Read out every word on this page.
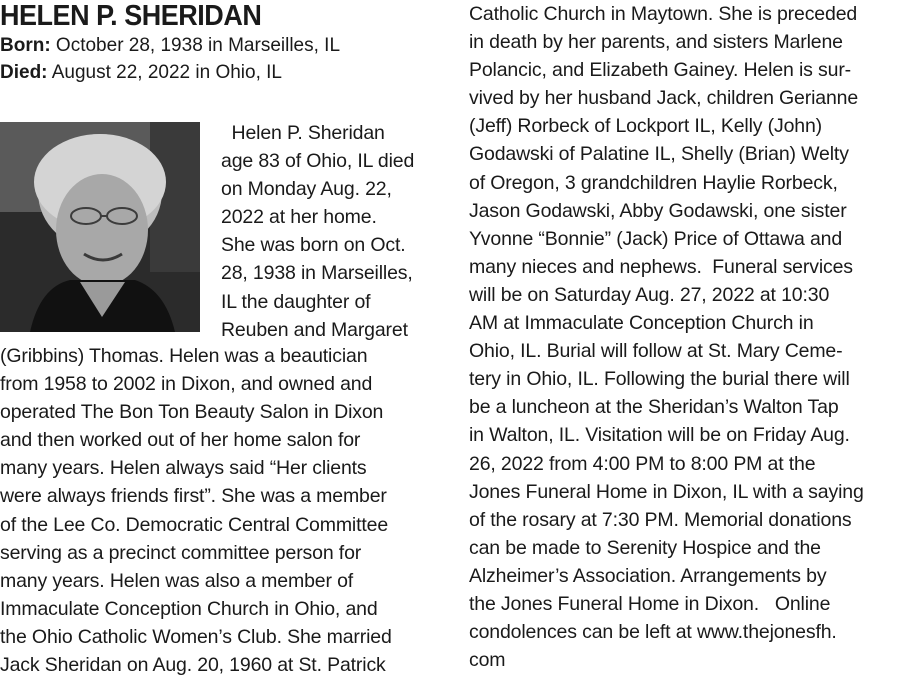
HELEN P. SHERIDAN

Born: October 28, 1938 in Marseilles, IL

Died: August 22, 2022 in Ohio, IL

Helen P. Sheridan
age 83 of Ohio, IL died
on Monday Aug. 22,
2022 at her home.
She was born on Oct.
28, 1938 in Marseilles,
IL the daughter of
Reuben and Margaret
(Gribbins) Thomas. Helen was a beautician
from 1958 to 2002 in Dixon, and owned and
operated The Bon Ton Beauty Salon in Dixon
and then worked out of her home salon for
many years. Helen always said “Her clients
were always friends first”. She was a member
of the Lee Co. Democratic Central Committee
serving as a precinct committee person for
many years. Helen was also a member of
Immaculate Conception Church in Ohio, and
the Ohio Catholic Women’s Club. She married
Jack Sheridan on Aug. 20, 1960 at St. Patrick
Catholic Church in Maytown. She is preceded
in death by her parents, and sisters Marlene
Polancic, and Elizabeth Gainey. Helen is sur-
vived by her husband Jack, children Gerianne
(Jeff) Rorbeck of Lockport IL, Kelly (John)
Godawski of Palatine IL, Shelly (Brian) Welty
of Oregon, 3 grandchildren Haylie Rorbeck,
Jason Godawski, Abby Godawski, one sister
Yvonne “Bonnie” (Jack) Price of Ottawa and
many nieces and nephews.  Funeral services
will be on Saturday Aug. 27, 2022 at 10:30
AM at Immaculate Conception Church in
Ohio, IL. Burial will follow at St. Mary Ceme-
tery in Ohio, IL. Following the burial there will
be a luncheon at the Sheridan’s Walton Tap
in Walton, IL. Visitation will be on Friday Aug.
26, 2022 from 4:00 PM to 8:00 PM at the
Jones Funeral Home in Dixon, IL with a saying
of the rosary at 7:30 PM. Memorial donations
can be made to Serenity Hospice and the
Alzheimer’s Association. Arrangements by
the Jones Funeral Home in Dixon.   Online
condolences can be left at www.thejonesfh.
com
